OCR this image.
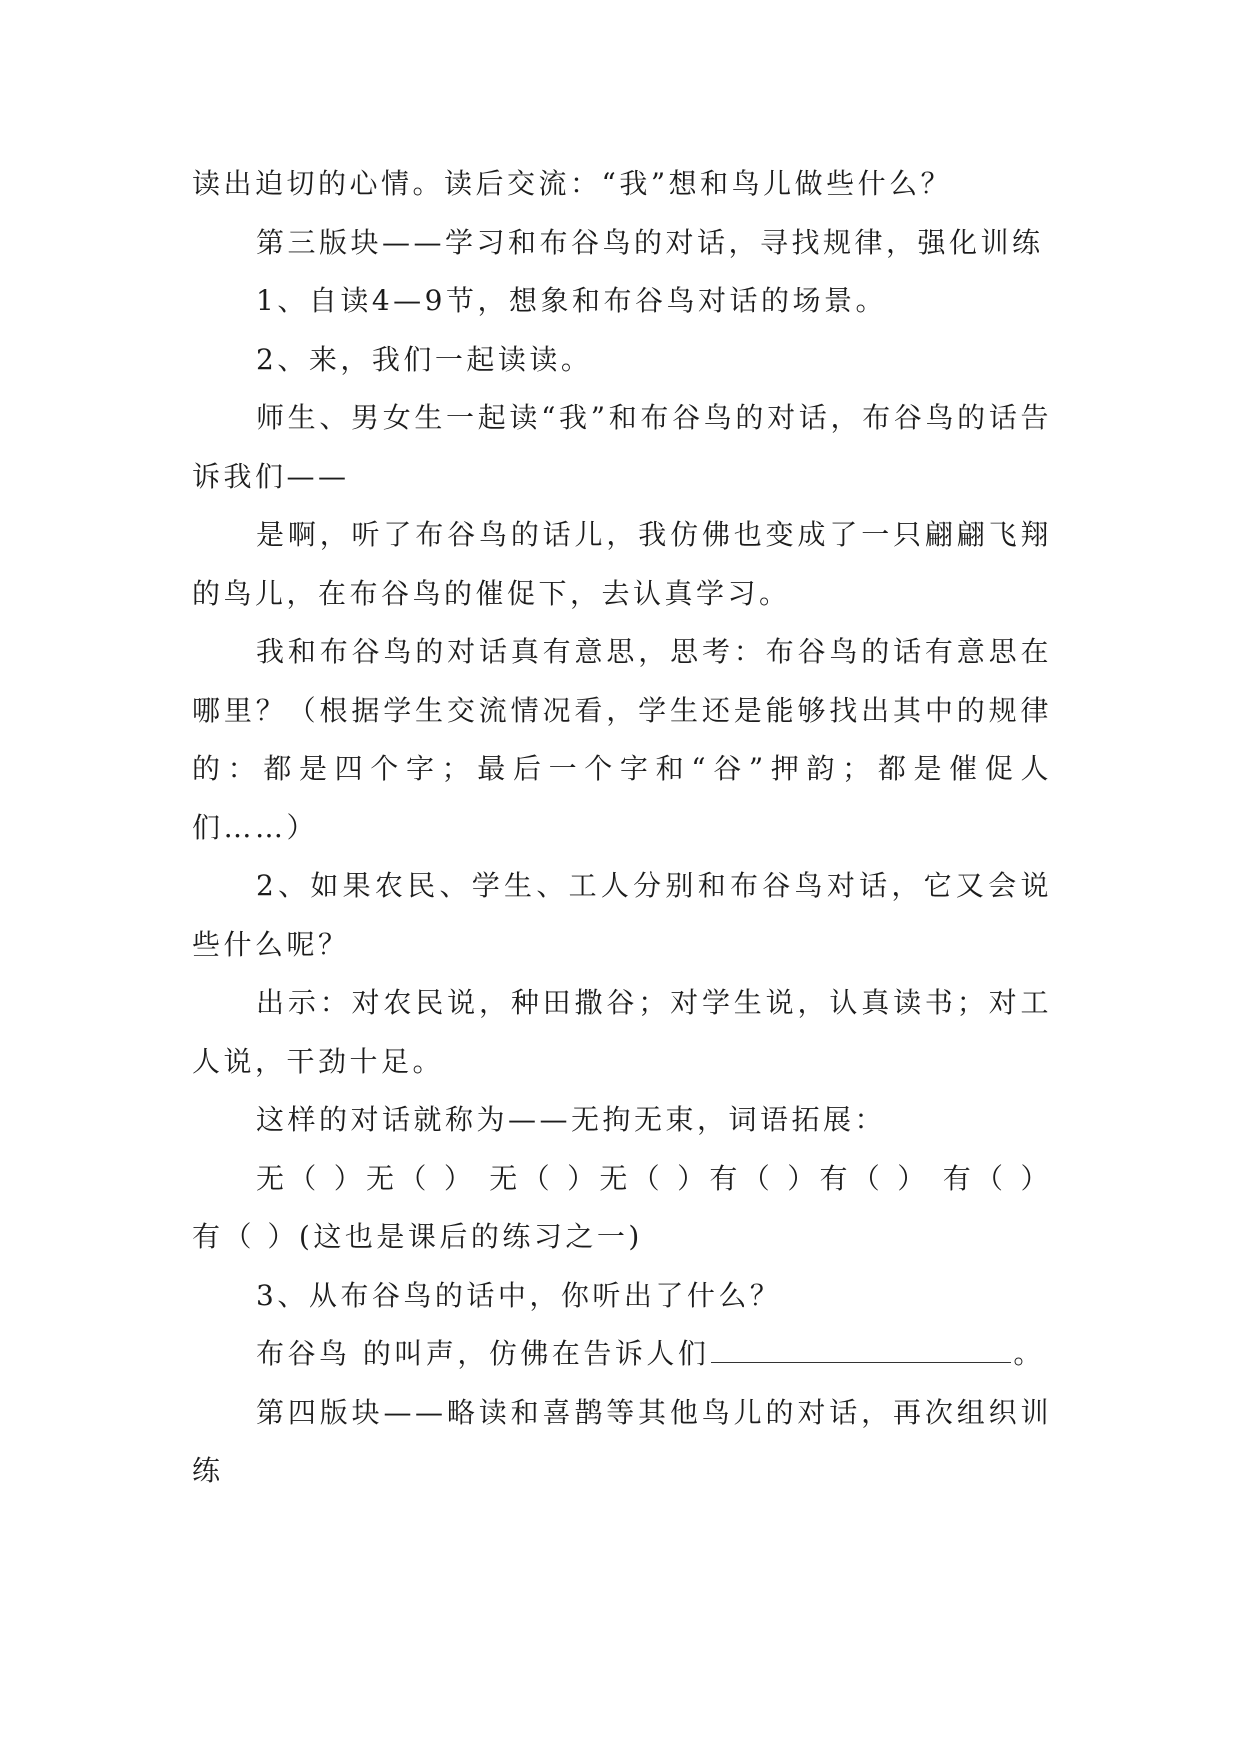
读出迫切的心情。读后交流：“我”想和鸟儿做些什么？

第三版块——学习和布谷鸟的对话，寻找规律，强化训练

1、自读4—9节，想象和布谷鸟对话的场景。

2、来，我们一起读读。

师生、男女生一起读“我”和布谷鸟的对话，布谷鸟的话告诉我们——

是啊，听了布谷鸟的话儿，我仿佛也变成了一只翩翩飞翔的鸟儿，在布谷鸟的催促下，去认真学习。

我和布谷鸟的对话真有意思，思考：布谷鸟的话有意思在哪里？（根据学生交流情况看，学生还是能够找出其中的规律的：都是四个字；最后一个字和“谷”押韵；都是催促人们……）

2、如果农民、学生、工人分别和布谷鸟对话，它又会说些什么呢？

出示：对农民说，种田撒谷；对学生说，认真读书；对工人说，干劲十足。

这样的对话就称为——无拘无束，词语拓展：

无（ ）无（ ） 无（ ）无（ ）有（ ）有（ ） 有（ ）有（ ）(这也是课后的练习之一)

3、从布谷鸟的话中，你听出了什么？

布谷鸟 的叫声，仿佛在告诉人们	。

第四版块——略读和喜鹊等其他鸟儿的对话，再次组织训练
